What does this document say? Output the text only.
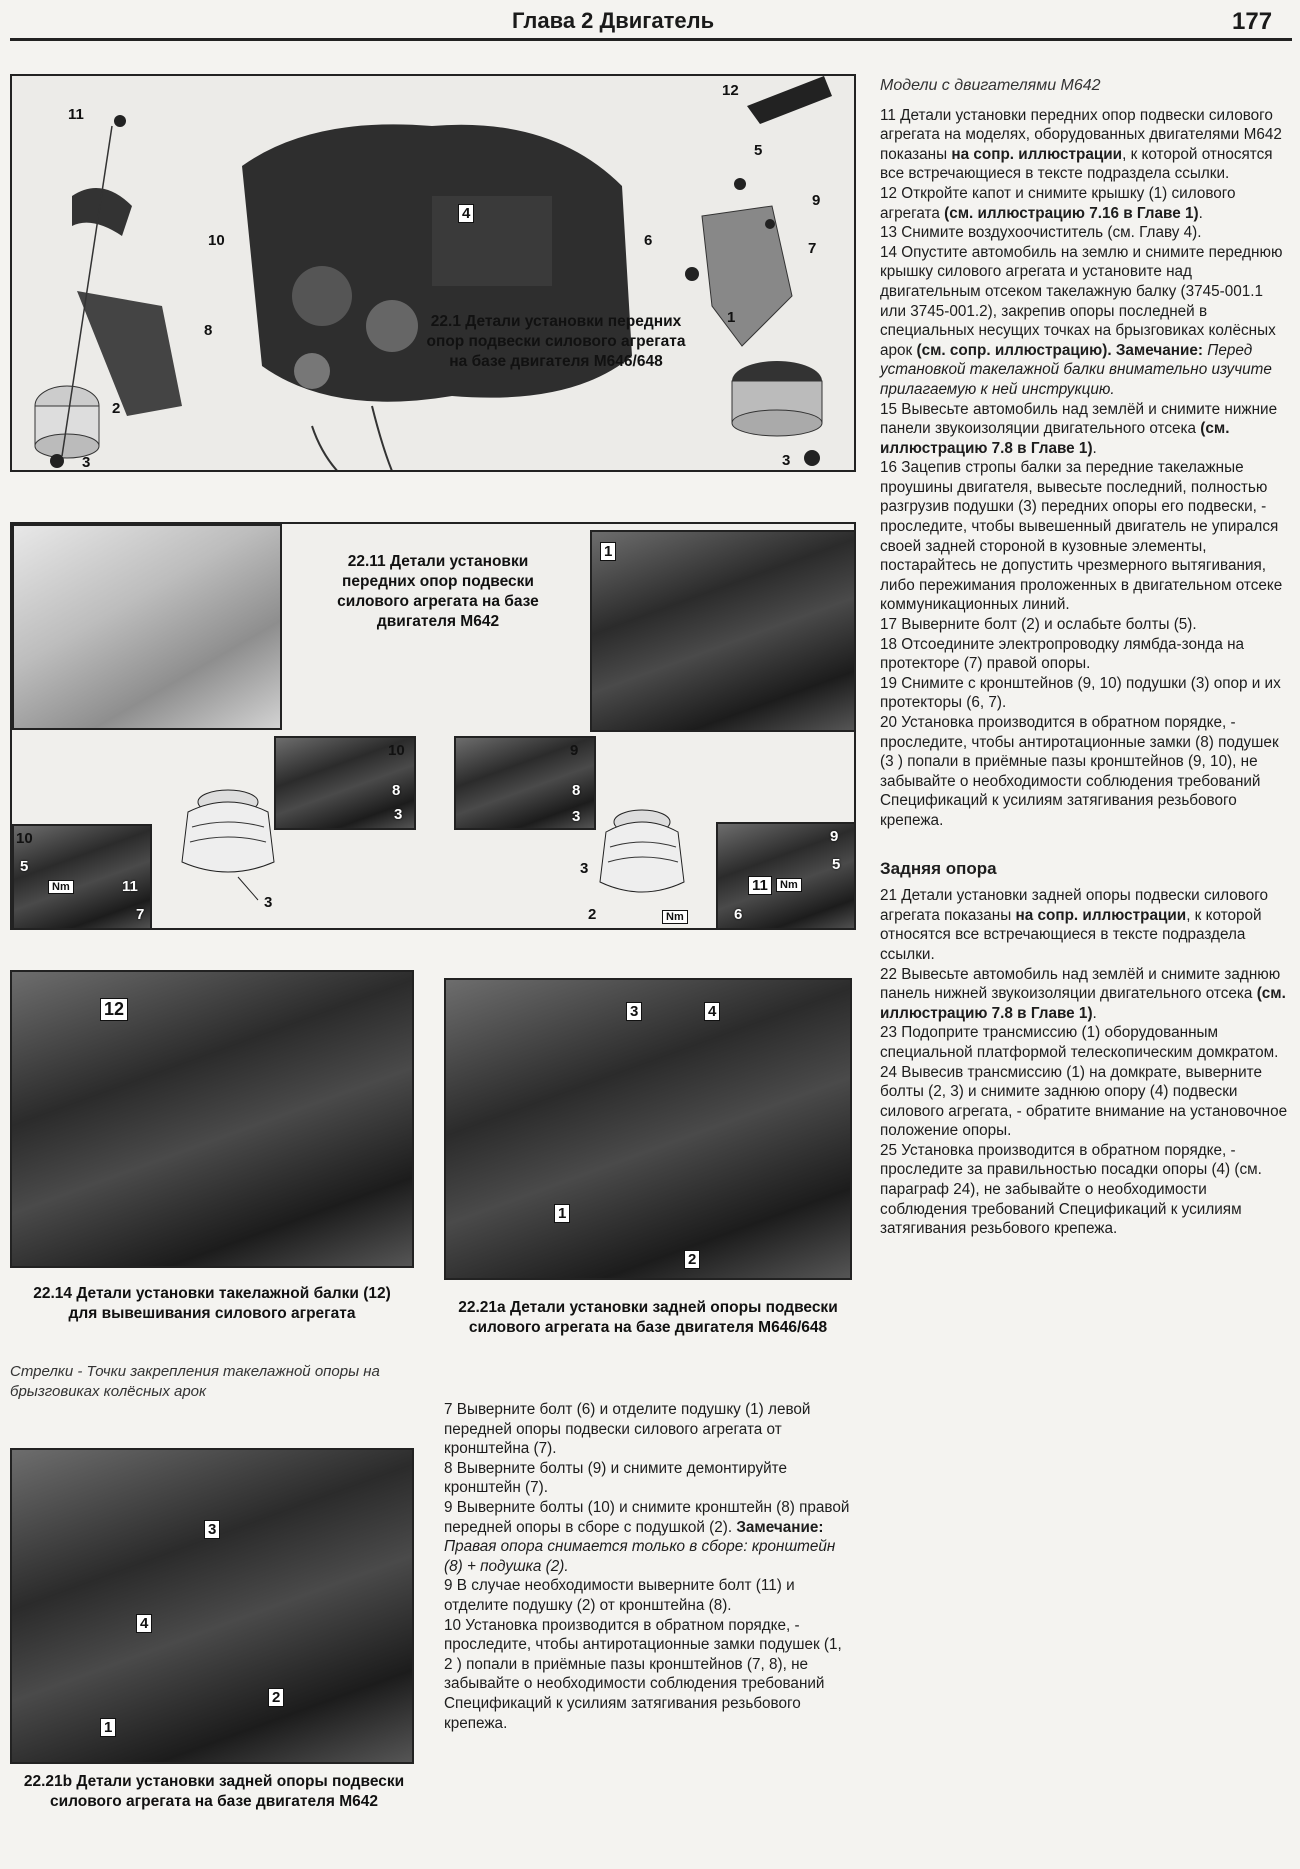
Глава 2 Двигатель	177
11
10
8
2
3
4
12
5
9
6	7
1
3
22.1 Детали установки передних опор подвески силового агрегата на базе двигателя M646/648
1
22.11 Детали установки передних опор подвески силового агрегата на базе двигателя M642
10
8
3
10
5
Nm	11
7
3
9
8
3
3
2	Nm
9
5
11	Nm
6
12
22.14 Детали установки такелажной балки (12) для вывешивания силового агрегата
Стрелки - Точки закрепления такелажной опоры на брызговиках колёсных арок
3	4
1
2
22.21a Детали установки задней опоры подвески силового агрегата на базе двигателя M646/648
3
4
2
1
22.21b Детали установки задней опоры подвески силового агрегата на базе двигателя M642

7 Выверните болт (6) и отделите подушку (1) левой передней опоры подвески силового агрегата от кронштейна (7).

8 Выверните болты (9) и снимите демонтируйте кронштейн (7).

9 Выверните болты (10) и снимите кронштейн (8) правой передней опоры в сборе с подушкой (2). Замечание: Правая опора снимается только в сборе: кронштейн (8) + подушка (2).

9 В случае необходимости выверните болт (11) и отделите подушку (2) от кронштейна (8).

10 Установка производится в обратном порядке, - проследите, чтобы антиротационные замки подушек (1, 2 ) попали в приёмные пазы кронштейнов (7, 8), не забывайте о необходимости соблюдения требований Спецификаций к усилиям затягивания резьбового крепежа.

Модели с двигателями M642

11 Детали установки передних опор подвески силового агрегата на моделях, оборудованных двигателями M642 показаны на сопр. иллюстрации, к которой относятся все встречающиеся в тексте подраздела ссылки.

12 Откройте капот и снимите крышку (1) силового агрегата (см. иллюстрацию 7.16 в Главе 1).

13 Снимите воздухоочиститель (см. Главу 4).

14 Опустите автомобиль на землю и снимите переднюю крышку силового агрегата и установите над двигательным отсеком такелажную балку (3745-001.1 или 3745-001.2), закрепив опоры последней в специальных несущих точках на брызговиках колёсных арок (см. сопр. иллюстрацию). Замечание: Перед установкой такелажной балки внимательно изучите прилагаемую к ней инструкцию.

15 Вывесьте автомобиль над землёй и снимите нижние панели звукоизоляции двигательного отсека (см. иллюстрацию 7.8 в Главе 1).

16 Зацепив стропы балки за передние такелажные проушины двигателя, вывесьте последний, полностью разгрузив подушки (3) передних опоры его подвески, - проследите, чтобы вывешенный двигатель не упирался своей задней стороной в кузовные элементы, постарайтесь не допустить чрезмерного вытягивания, либо пережимания проложенных в двигательном отсеке коммуникационных линий.

17 Выверните болт (2) и ослабьте болты (5).

18 Отсоедините электропроводку лямбда-зонда на протекторе (7) правой опоры.

19 Снимите с кронштейнов (9, 10) подушки (3) опор и их протекторы (6, 7).

20 Установка производится в обратном порядке, - проследите, чтобы антиротационные замки (8) подушек (3 ) попали в приёмные пазы кронштейнов (9, 10), не забывайте о необходимости соблюдения требований Спецификаций к усилиям затягивания резьбового крепежа.

Задняя опора

21 Детали установки задней опоры подвески силового агрегата показаны на сопр. иллюстрации, к которой относятся все встречающиеся в тексте подраздела ссылки.

22 Вывесьте автомобиль над землёй и снимите заднюю панель нижней звукоизоляции двигательного отсека (см. иллюстрацию 7.8 в Главе 1).

23 Подоприте трансмиссию (1) оборудованным специальной платформой телескопическим домкратом.

24 Вывесив трансмиссию (1) на домкрате, выверните болты (2, 3) и снимите заднюю опору (4) подвески силового агрегата, - обратите внимание на установочное положение опоры.

25 Установка производится в обратном порядке, - проследите за правильностью посадки опоры (4) (см. параграф 24), не забывайте о необходимости соблюдения требований Спецификаций к усилиям затягивания резьбового крепежа.
